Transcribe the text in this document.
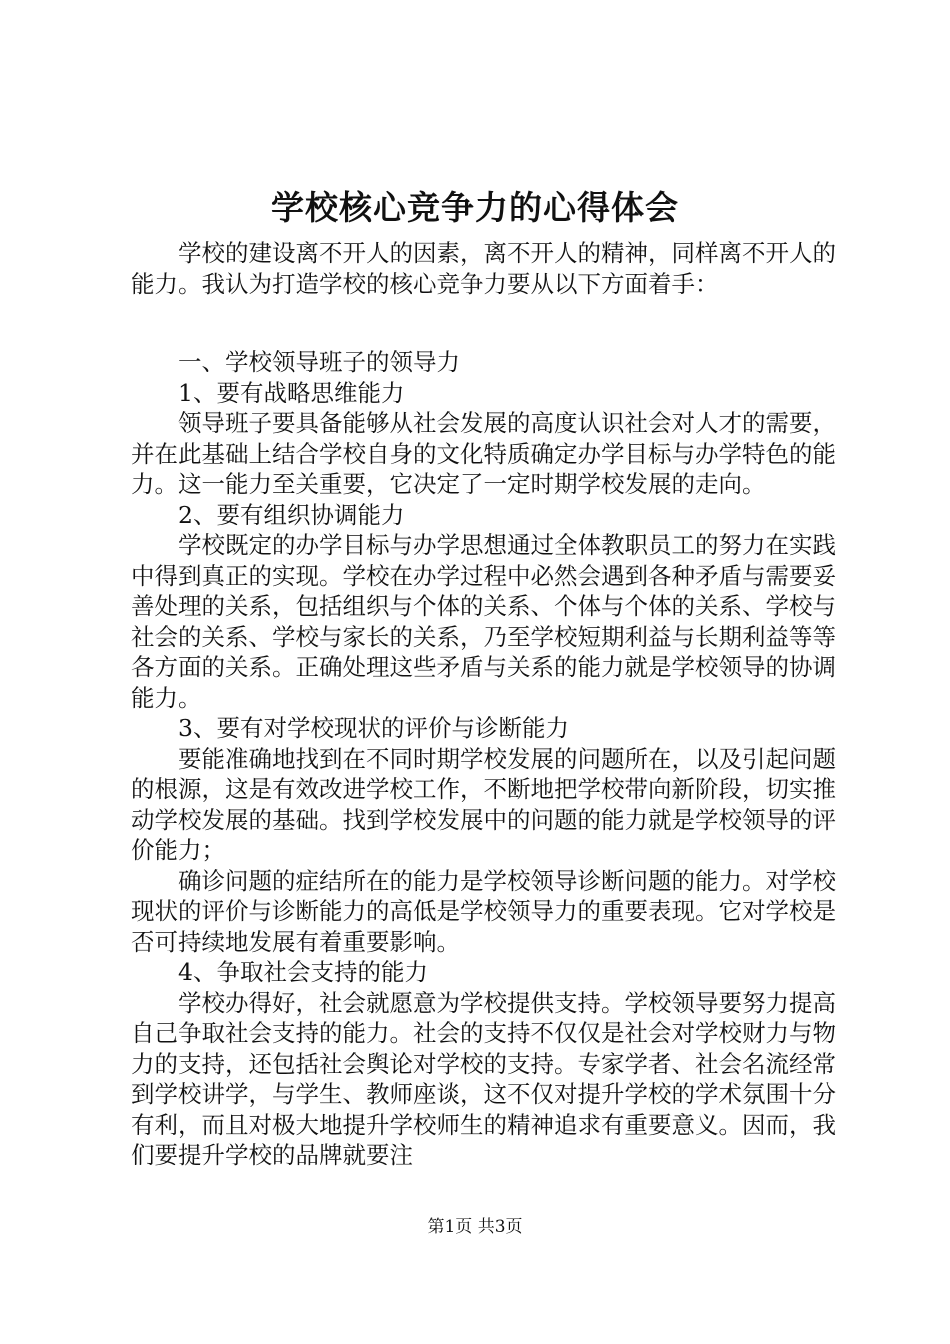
学校核心竞争力的心得体会

学校的建设离不开人的因素，离不开人的精神，同样离不开人的能力。我认为打造学校的核心竞争力要从以下方面着手：

一、学校领导班子的领导力

1、要有战略思维能力

领导班子要具备能够从社会发展的高度认识社会对人才的需要，并在此基础上结合学校自身的文化特质确定办学目标与办学特色的能力。这一能力至关重要，它决定了一定时期学校发展的走向。

2、要有组织协调能力

学校既定的办学目标与办学思想通过全体教职员工的努力在实践中得到真正的实现。学校在办学过程中必然会遇到各种矛盾与需要妥善处理的关系，包括组织与个体的关系、个体与个体的关系、学校与社会的关系、学校与家长的关系，乃至学校短期利益与长期利益等等各方面的关系。正确处理这些矛盾与关系的能力就是学校领导的协调能力。

3、要有对学校现状的评价与诊断能力

要能准确地找到在不同时期学校发展的问题所在，以及引起问题的根源，这是有效改进学校工作，不断地把学校带向新阶段，切实推动学校发展的基础。找到学校发展中的问题的能力就是学校领导的评价能力；

确诊问题的症结所在的能力是学校领导诊断问题的能力。对学校现状的评价与诊断能力的高低是学校领导力的重要表现。它对学校是否可持续地发展有着重要影响。

4、争取社会支持的能力

学校办得好，社会就愿意为学校提供支持。学校领导要努力提高自己争取社会支持的能力。社会的支持不仅仅是社会对学校财力与物力的支持，还包括社会舆论对学校的支持。专家学者、社会名流经常到学校讲学，与学生、教师座谈，这不仅对提升学校的学术氛围十分有利，而且对极大地提升学校师生的精神追求有重要意义。因而，我们要提升学校的品牌就要注

第1页 共3页
